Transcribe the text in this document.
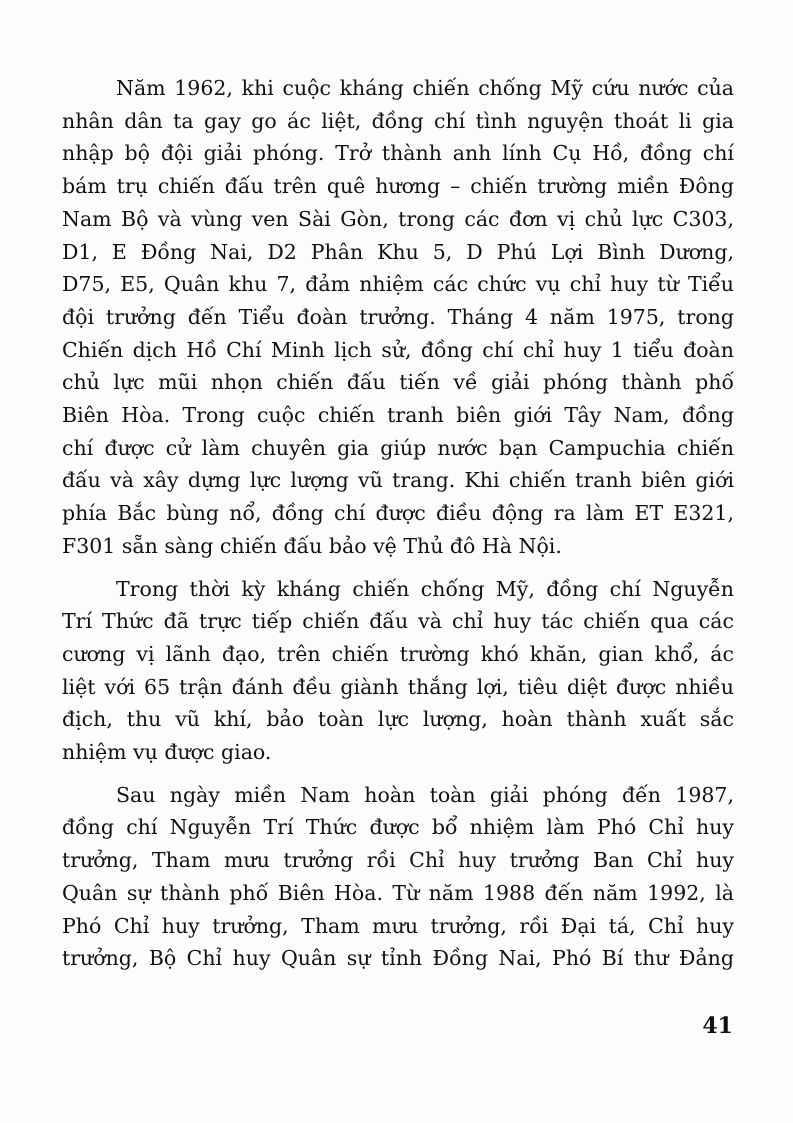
Năm 1962, khi cuộc kháng chiến chống Mỹ cứu nước của
nhân dân ta gay go ác liệt, đồng chí tình nguyện thoát li gia
nhập bộ đội giải phóng. Trở thành anh lính Cụ Hồ, đồng chí
bám trụ chiến đấu trên quê hương – chiến trường miền Đông
Nam Bộ và vùng ven Sài Gòn, trong các đơn vị chủ lực C303,
D1, E Đồng Nai, D2 Phân Khu 5, D Phú Lợi Bình Dương,
D75, E5, Quân khu 7, đảm nhiệm các chức vụ chỉ huy từ Tiểu
đội trưởng đến Tiểu đoàn trưởng. Tháng 4 năm 1975, trong
Chiến dịch Hồ Chí Minh lịch sử, đồng chí chỉ huy 1 tiểu đoàn
chủ lực mũi nhọn chiến đấu tiến về giải phóng thành phố
Biên Hòa. Trong cuộc chiến tranh biên giới Tây Nam, đồng
chí được cử làm chuyên gia giúp nước bạn Campuchia chiến
đấu và xây dựng lực lượng vũ trang. Khi chiến tranh biên giới
phía Bắc bùng nổ, đồng chí được điều động ra làm ET E321,
F301 sẵn sàng chiến đấu bảo vệ Thủ đô Hà Nội.
Trong thời kỳ kháng chiến chống Mỹ, đồng chí Nguyễn
Trí Thức đã trực tiếp chiến đấu và chỉ huy tác chiến qua các
cương vị lãnh đạo, trên chiến trường khó khăn, gian khổ, ác
liệt với 65 trận đánh đều giành thắng lợi, tiêu diệt được nhiều
địch, thu vũ khí, bảo toàn lực lượng, hoàn thành xuất sắc
nhiệm vụ được giao.
Sau ngày miền Nam hoàn toàn giải phóng đến 1987,
đồng chí Nguyễn Trí Thức được bổ nhiệm làm Phó Chỉ huy
trưởng, Tham mưu trưởng rồi Chỉ huy trưởng Ban Chỉ huy
Quân sự thành phố Biên Hòa. Từ năm 1988 đến năm 1992, là
Phó Chỉ huy trưởng, Tham mưu trưởng, rồi Đại tá, Chỉ huy
trưởng, Bộ Chỉ huy Quân sự tỉnh Đồng Nai, Phó Bí thư Đảng
41
